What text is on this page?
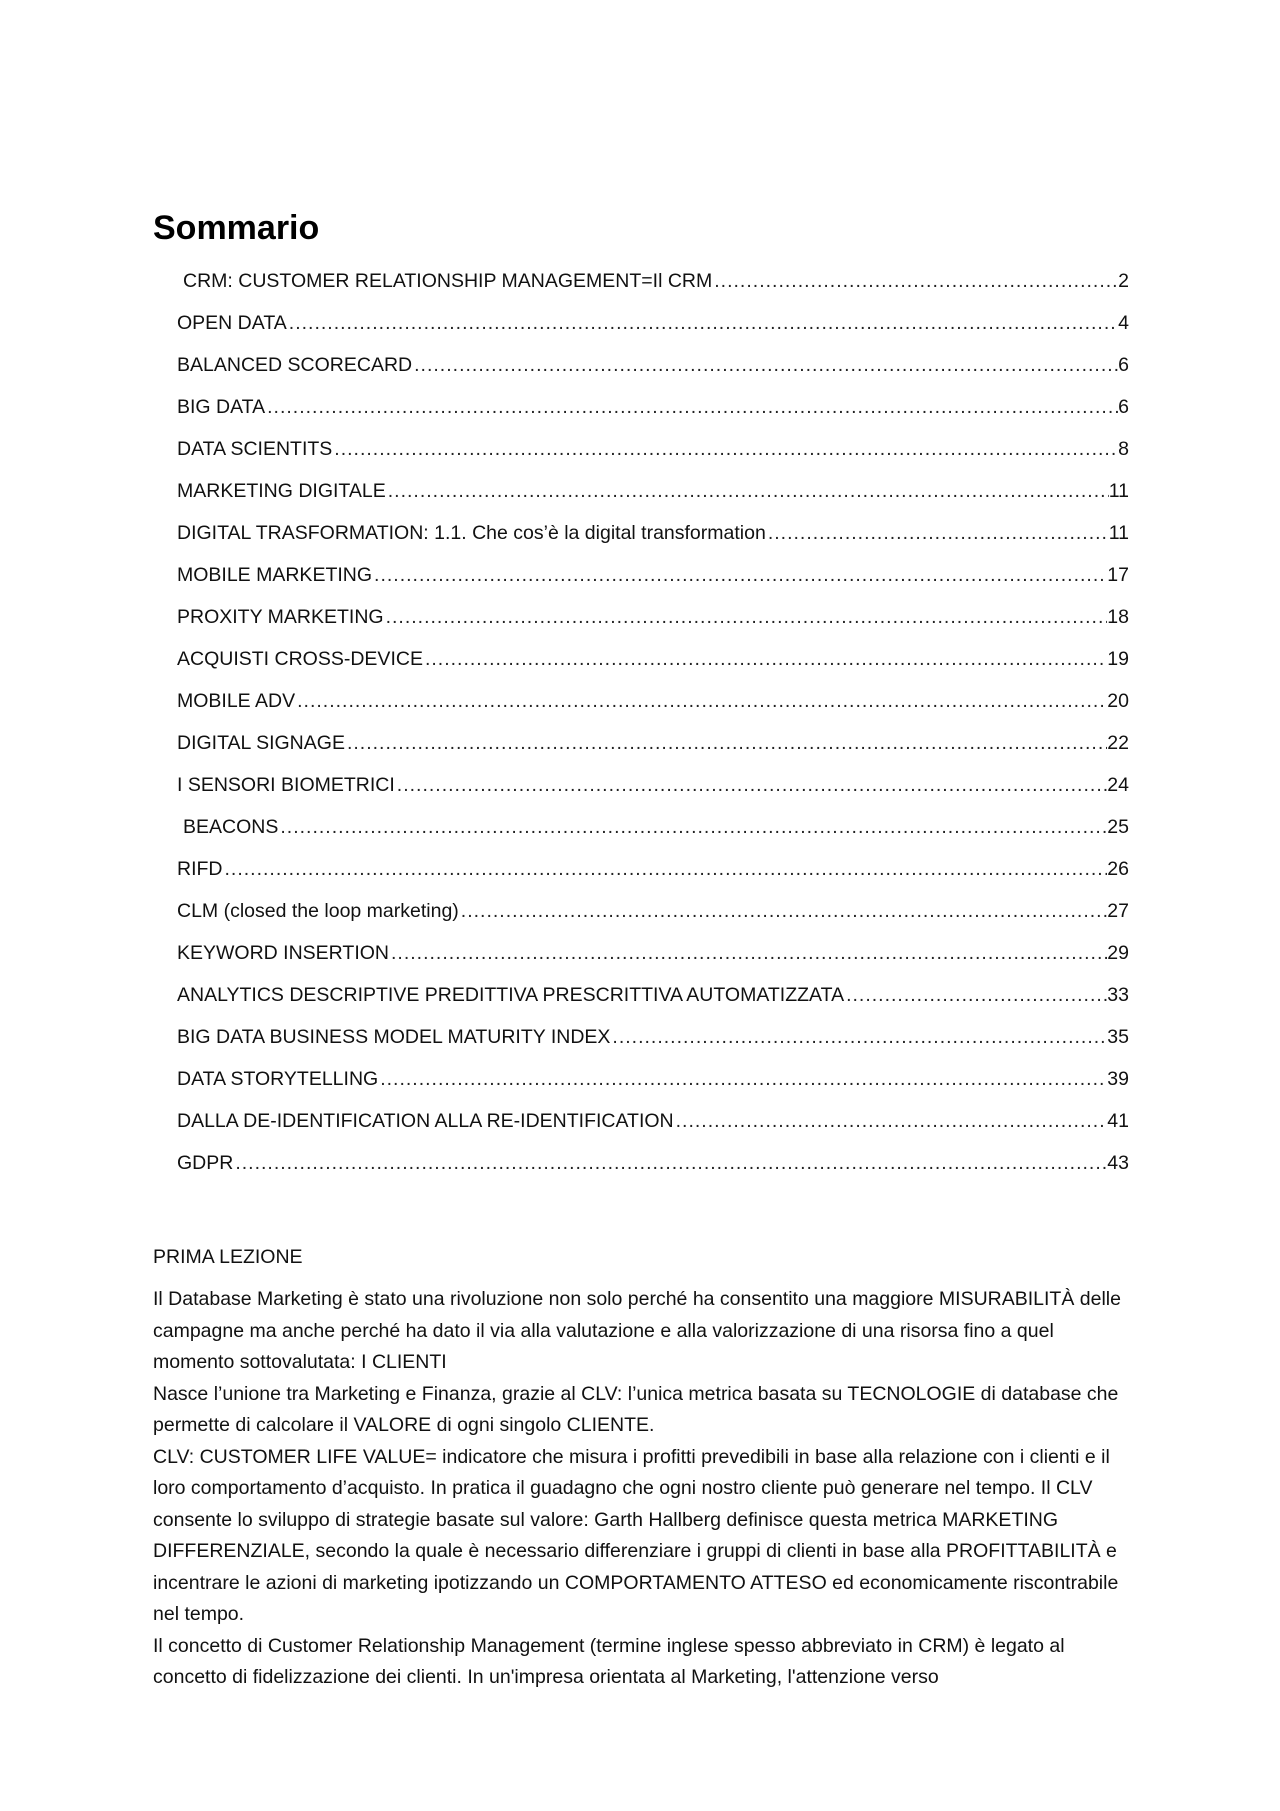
Sommario
CRM: CUSTOMER RELATIONSHIP MANAGEMENT=Il CRM .....	2
OPEN DATA .....	4
BALANCED SCORECARD .....	6
BIG DATA .....	6
DATA SCIENTITS .....	8
MARKETING DIGITALE .....	11
DIGITAL TRASFORMATION: 1.1. Che cos’è la digital transformation .....	11
MOBILE MARKETING .....	17
PROXITY MARKETING .....	18
ACQUISTI CROSS-DEVICE .....	19
MOBILE ADV .....	20
DIGITAL SIGNAGE .....	22
I SENSORI BIOMETRICI .....	24
BEACONS .....	25
RIFD .....	26
CLM (closed the loop marketing) .....	27
KEYWORD INSERTION .....	29
ANALYTICS DESCRIPTIVE PREDITTIVA PRESCRITTIVA AUTOMATIZZATA .....	33
BIG DATA BUSINESS MODEL MATURITY INDEX .....	35
DATA STORYTELLING .....	39
DALLA DE-IDENTIFICATION ALLA RE-IDENTIFICATION .....	41
GDPR .....	43

PRIMA LEZIONE

Il Database Marketing è stato una rivoluzione non solo perché ha consentito una maggiore MISURABILITÀ delle campagne ma anche perché ha dato il via alla valutazione e alla valorizzazione di una risorsa fino a quel momento sottovalutata: I CLIENTI

Nasce l’unione tra Marketing e Finanza, grazie al CLV: l’unica metrica basata su TECNOLOGIE di database che permette di calcolare il VALORE di ogni singolo CLIENTE.

CLV: CUSTOMER LIFE VALUE= indicatore che misura i profitti prevedibili in base alla relazione con i clienti e il loro comportamento d’acquisto. In pratica il guadagno che ogni nostro cliente può generare nel tempo. Il CLV consente lo sviluppo di strategie basate sul valore: Garth Hallberg definisce questa metrica MARKETING DIFFERENZIALE, secondo la quale è necessario differenziare i gruppi di clienti in base alla PROFITTABILITÀ e incentrare le azioni di marketing ipotizzando un COMPORTAMENTO ATTESO ed economicamente riscontrabile nel tempo.

Il concetto di Customer Relationship Management (termine inglese spesso abbreviato in CRM) è legato al concetto di fidelizzazione dei clienti. In un'impresa orientata al Marketing, l'attenzione verso
